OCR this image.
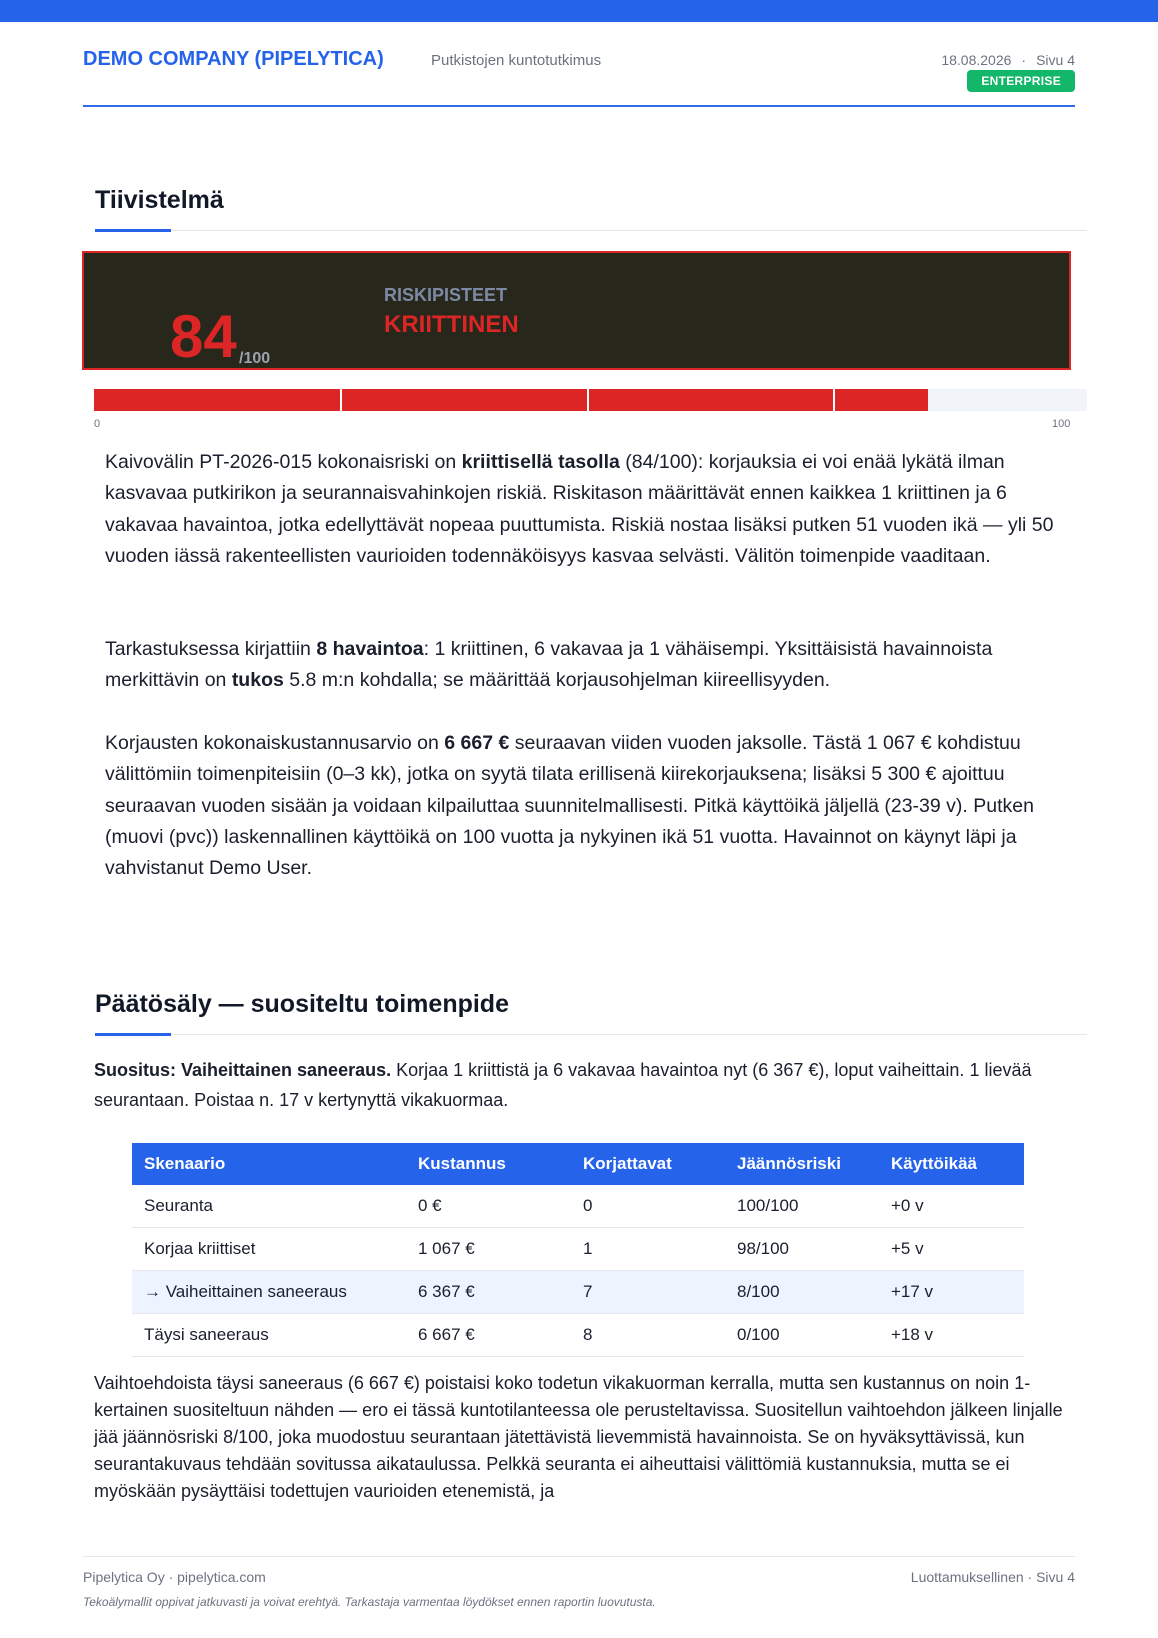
DEMO COMPANY (PIPELYTICA)	Putkistojen kuntotutkimus	18.08.2026 · Sivu 4
ENTERPRISE
Tiivistelmä
84 /100
RISKIPISTEET
KRIITTINEN
0	100

Kaivovälin PT-2026-015 kokonaisriski on kriittisellä tasolla (84/100): korjauksia ei voi enää lykätä ilman kasvavaa putkirikon ja seurannaisvahinkojen riskiä. Riskitason määrittävät ennen kaikkea 1 kriittinen ja 6 vakavaa havaintoa, jotka edellyttävät nopeaa puuttumista. Riskiä nostaa lisäksi putken 51 vuoden ikä — yli 50 vuoden iässä rakenteellisten vaurioiden todennäköisyys kasvaa selvästi. Välitön toimenpide vaaditaan.

Tarkastuksessa kirjattiin 8 havaintoa: 1 kriittinen, 6 vakavaa ja 1 vähäisempi. Yksittäisistä havainnoista merkittävin on tukos 5.8 m:n kohdalla; se määrittää korjausohjelman kiireellisyyden.

Korjausten kokonaiskustannusarvio on 6 667 € seuraavan viiden vuoden jaksolle. Tästä 1 067 € kohdistuu välittömiin toimenpiteisiin (0–3 kk), jotka on syytä tilata erillisenä kiirekorjauksena; lisäksi 5 300 € ajoittuu seuraavan vuoden sisään ja voidaan kilpailuttaa suunnitelmallisesti. Pitkä käyttöikä jäljellä (23-39 v). Putken (muovi (pvc)) laskennallinen käyttöikä on 100 vuotta ja nykyinen ikä 51 vuotta. Havainnot on käynyt läpi ja vahvistanut Demo User.

Päätösäly — suositeltu toimenpide

Suositus: Vaiheittainen saneeraus. Korjaa 1 kriittistä ja 6 vakavaa havaintoa nyt (6 367 €), loput vaiheittain. 1 lievää seurantaan. Poistaa n. 17 v kertynyttä vikakuormaa.

Skenaario	Kustannus	Korjattavat	Jäännösriski	Käyttöikää
Seuranta	0 €	0	100/100	+0 v
Korjaa kriittiset	1 067 €	1	98/100	+5 v
→ Vaiheittainen saneeraus	6 367 €	7	8/100	+17 v
Täysi saneeraus	6 667 €	8	0/100	+18 v

Vaihtoehdoista täysi saneeraus (6 667 €) poistaisi koko todetun vikakuorman kerralla, mutta sen kustannus on noin 1-kertainen suositeltuun nähden — ero ei tässä kuntotilanteessa ole perusteltavissa. Suositellun vaihtoehdon jälkeen linjalle jää jäännösriski 8/100, joka muodostuu seurantaan jätettävistä lievemmistä havainnoista. Se on hyväksyttävissä, kun seurantakuvaus tehdään sovitussa aikataulussa. Pelkkä seuranta ei aiheuttaisi välittömiä kustannuksia, mutta se ei myöskään pysäyttäisi todettujen vaurioiden etenemistä, ja

Pipelytica Oy · pipelytica.com	Luottamuksellinen · Sivu 4
Tekoälymallit oppivat jatkuvasti ja voivat erehtyä. Tarkastaja varmentaa löydökset ennen raportin luovutusta.
